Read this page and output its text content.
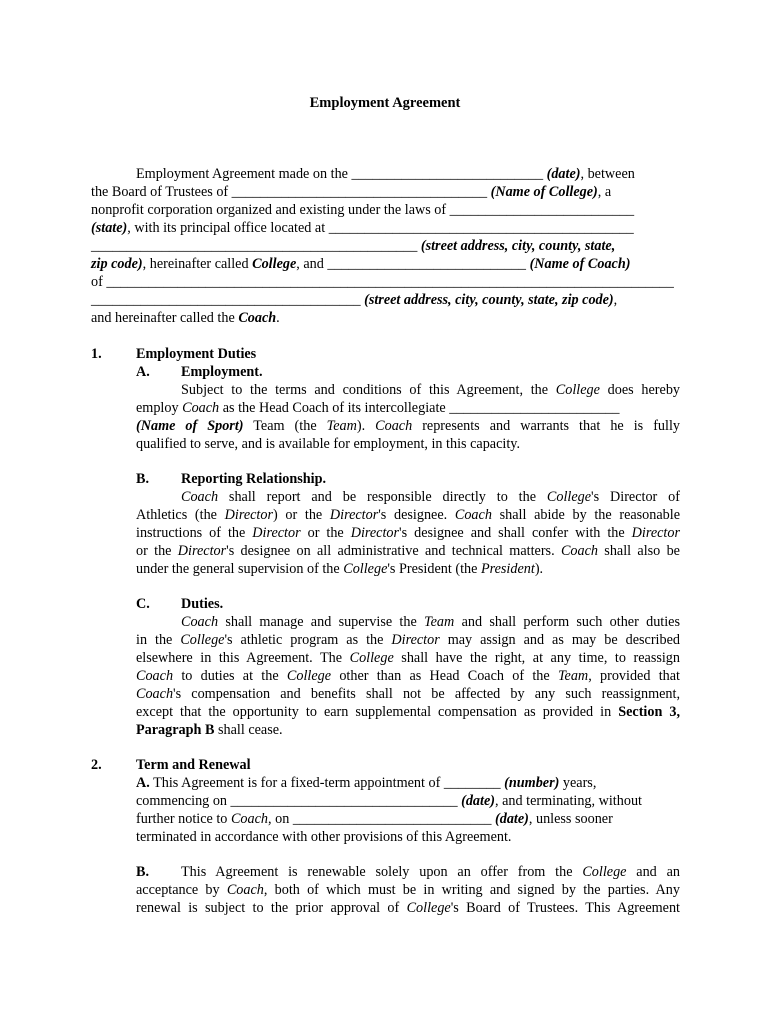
Employment Agreement
Employment Agreement made on the ___________________________ (date), between
the Board of Trustees of ____________________________________ (Name of College), a
nonprofit corporation organized and existing under the laws of __________________________
(state), with its principal office located at ___________________________________________
______________________________________________ (street address, city, county, state,
zip code), hereinafter called College, and ____________________________ (Name of Coach)
of ________________________________________________________________________________
______________________________________ (street address, city, county, state, zip code),
and hereinafter called the Coach.
1. Employment Duties
A. Employment.
Subject to the terms and conditions of this Agreement, the College does hereby
employ Coach as the Head Coach of its intercollegiate ________________________
(Name of Sport) Team (the Team). Coach represents and warrants that he is fully
qualified to serve, and is available for employment, in this capacity.
B. Reporting Relationship.
Coach shall report and be responsible directly to the College's Director of
Athletics (the Director) or the Director's designee. Coach shall abide by the reasonable
instructions of the Director or the Director's designee and shall confer with the Director
or the Director's designee on all administrative and technical matters. Coach shall also be
under the general supervision of the College's President (the President).
C. Duties.
Coach shall manage and supervise the Team and shall perform such other duties
in the College's athletic program as the Director may assign and as may be described
elsewhere in this Agreement. The College shall have the right, at any time, to reassign
Coach to duties at the College other than as Head Coach of the Team, provided that
Coach's compensation and benefits shall not be affected by any such reassignment,
except that the opportunity to earn supplemental compensation as provided in Section 3,
Paragraph B shall cease.
2. Term and Renewal
A. This Agreement is for a fixed-term appointment of ________ (number) years,
commencing on ________________________________ (date), and terminating, without
further notice to Coach, on ____________________________ (date), unless sooner
terminated in accordance with other provisions of this Agreement.
B. This Agreement is renewable solely upon an offer from the College and an
acceptance by Coach, both of which must be in writing and signed by the parties. Any
renewal is subject to the prior approval of College's Board of Trustees. This Agreement
